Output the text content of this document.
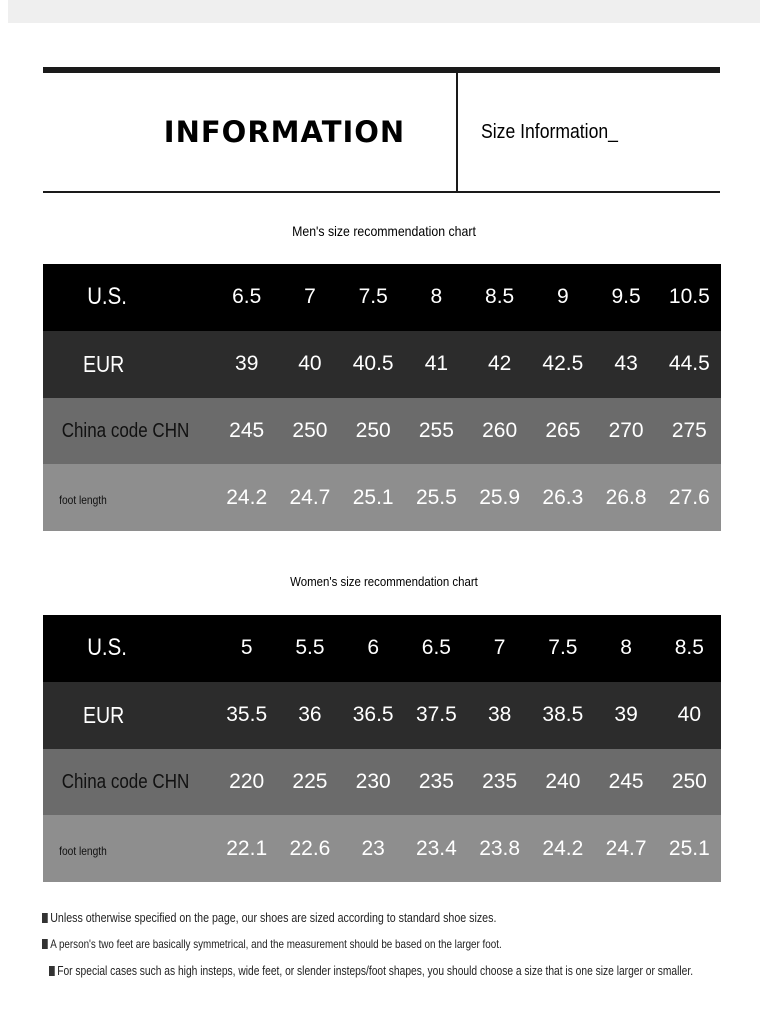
INFORMATION	Size Information_
Men's size recommendation chart
U.S.	6.5	7	7.5	8	8.5	9	9.5	10.5
EUR	39	40	40.5	41	42	42.5	43	44.5
China code CHN	245	250	250	255	260	265	270	275
foot length	24.2	24.7	25.1	25.5	25.9	26.3	26.8	27.6
Women's size recommendation chart
U.S.	5	5.5	6	6.5	7	7.5	8	8.5
EUR	35.5	36	36.5	37.5	38	38.5	39	40
China code CHN	220	225	230	235	235	240	245	250
foot length	22.1	22.6	23	23.4	23.8	24.2	24.7	25.1
Unless otherwise specified on the page, our shoes are sized according to standard shoe sizes.
A person's two feet are basically symmetrical, and the measurement should be based on the larger foot.
For special cases such as high insteps, wide feet, or slender insteps/foot shapes, you should choose a size that is one size larger or smaller.
